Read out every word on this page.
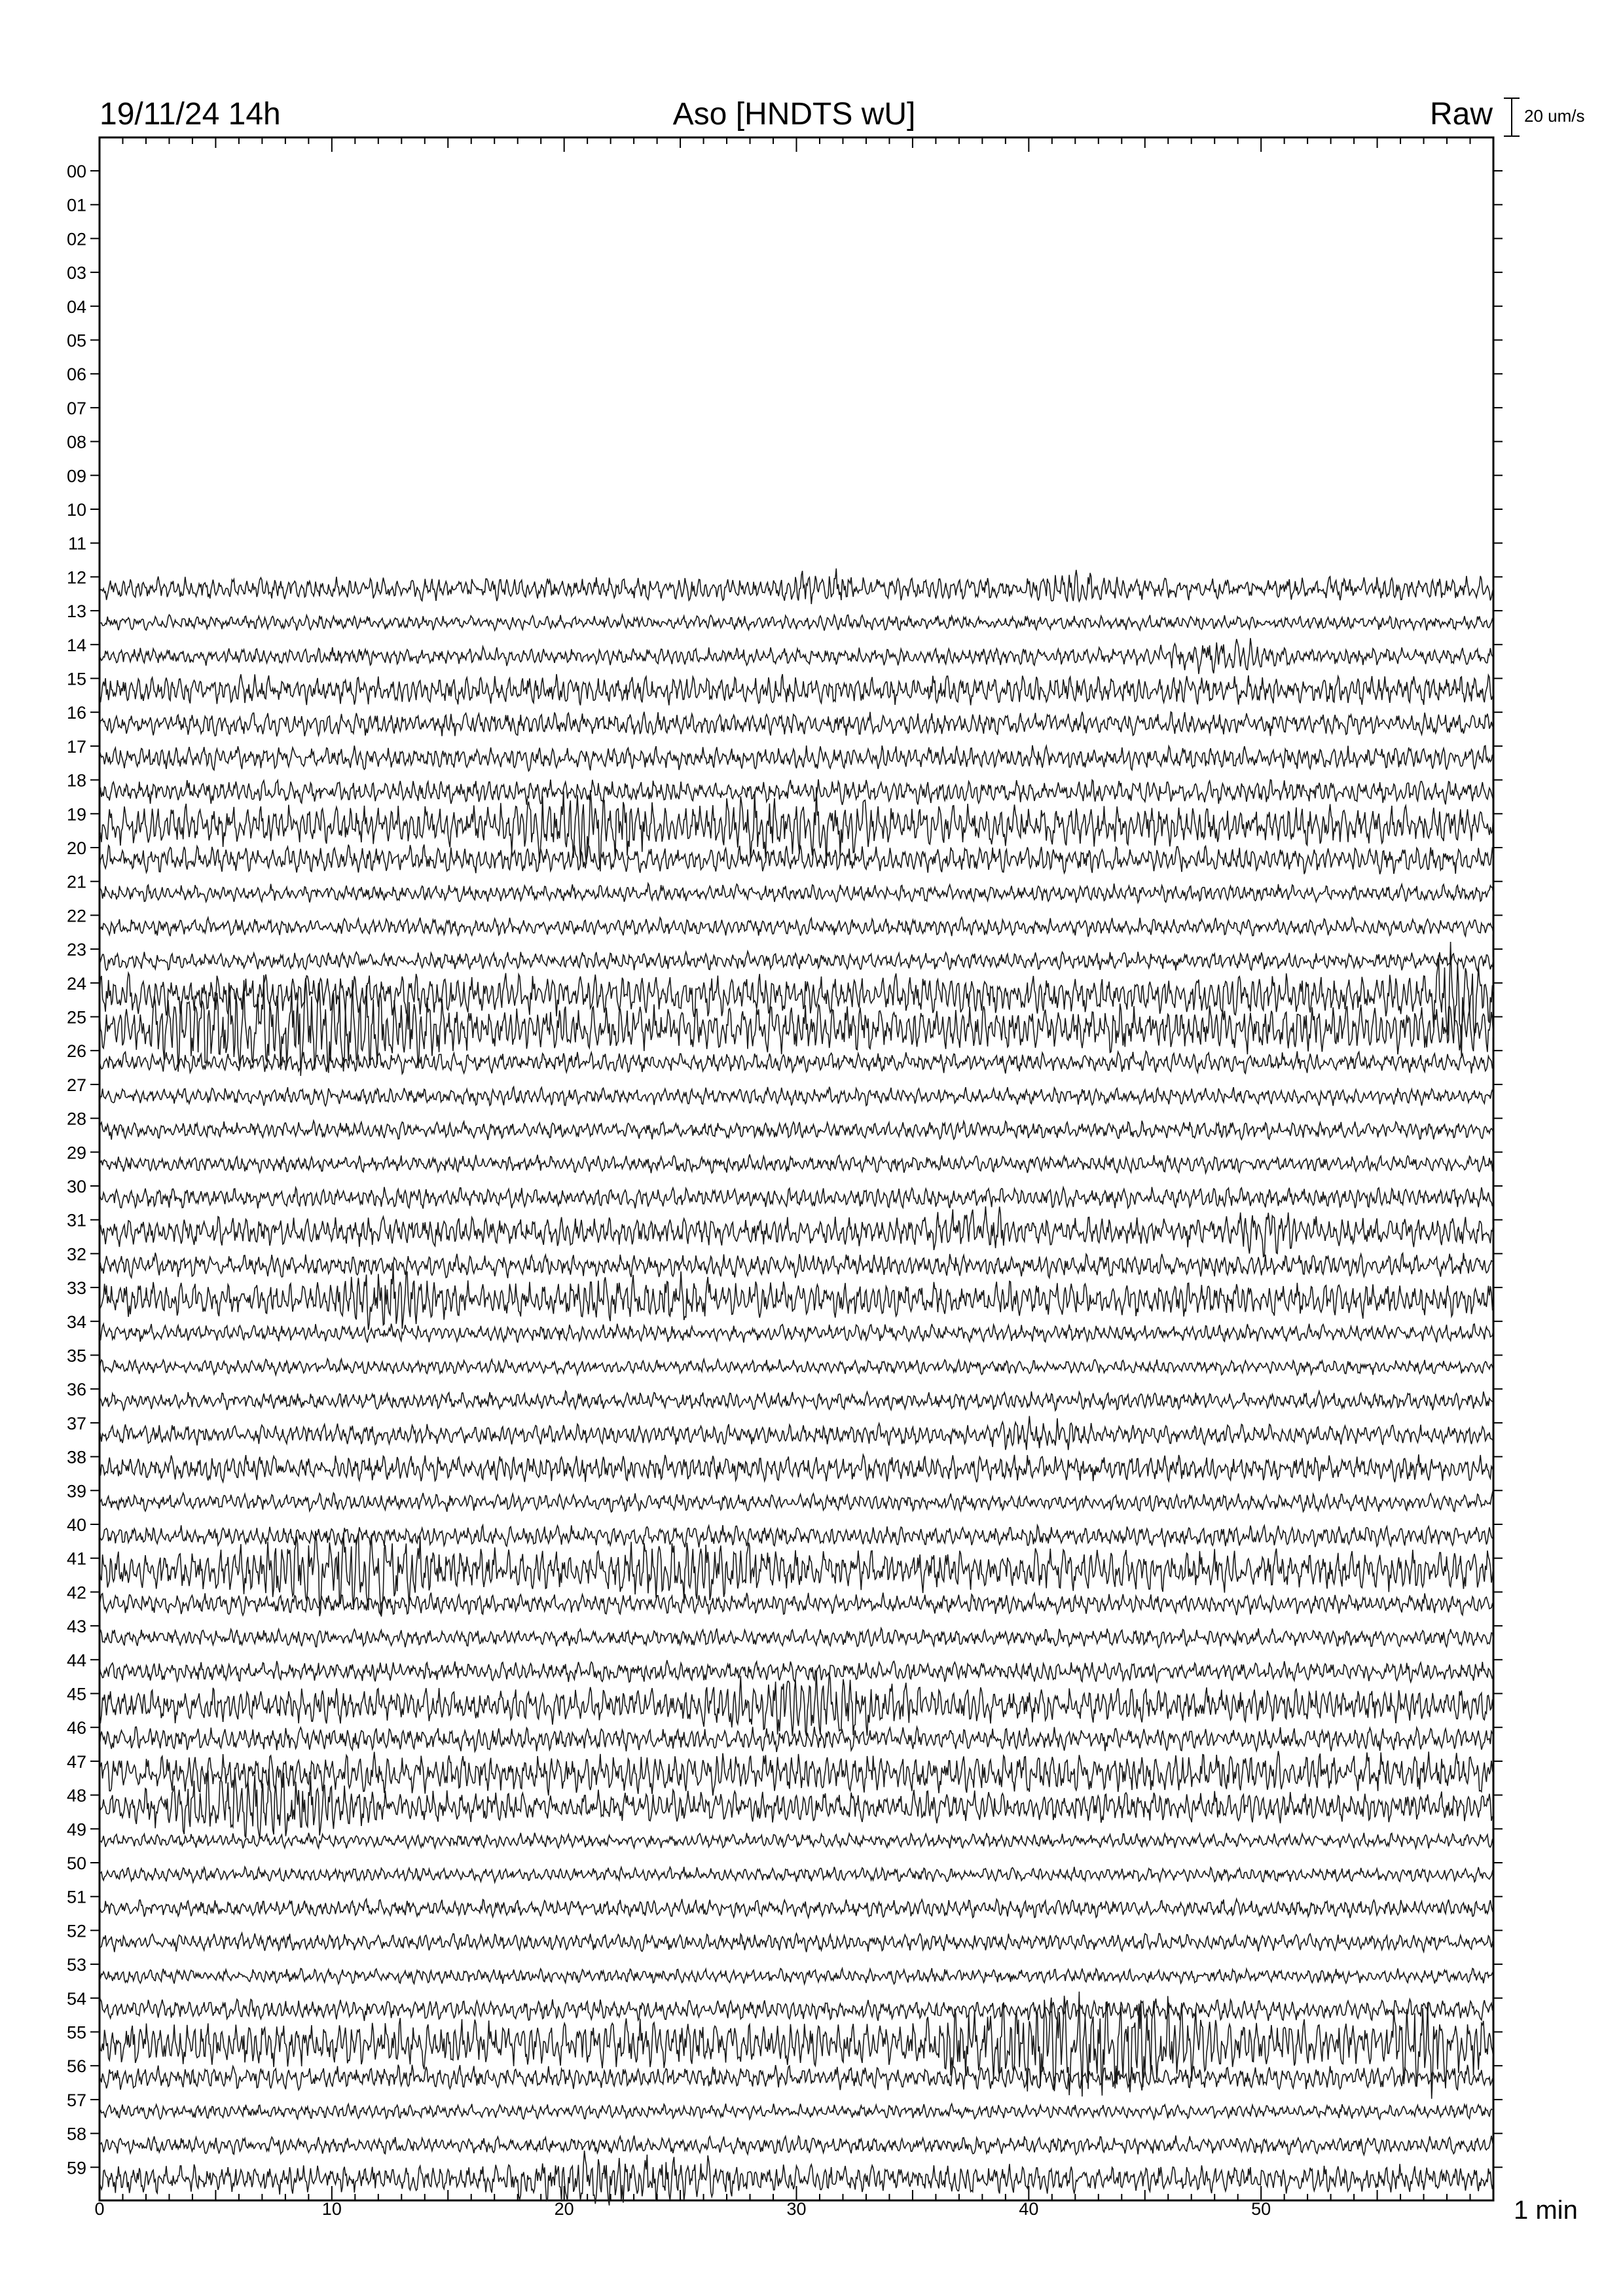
19/11/24 14h	Aso [HNDTS wU]	Raw 20 um/s
00
01
02
03
04
05
06
07
08
09
10
11
12
13
14
15
16
17
18
19
20
21
22
23
24
25
26
27
28
29
30
31
32
33
34
35
36
37
38
39
40
41
42
43
44
45
46
47
48
49
50
51
52
53
54
55
56
57
58
59
0	10	20	30	40	50	1 min
